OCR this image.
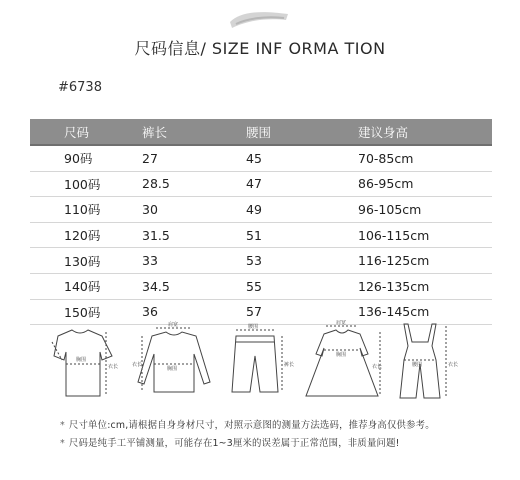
尺码信息/ SIZE INF ORMA TION
#6738
尺码	裤长	腰围	建议身高
90码	27	45	70-85cm
100码	28.5	47	86-95cm
110码	30	49	96-105cm
120码	31.5	51	106-115cm
130码	33	53	116-125cm
140码	34.5	55	126-135cm
150码	36	57	136-145cm
胸围
衣长
肩宽
胸围
衣长
腰围
裤长
肩宽
胸围
衣长	腰围	衣长
* 尺寸单位:cm,请根据自身身材尺寸，对照示意图的测量方法选码，推荐身高仅供参考。
* 尺码是纯手工平铺测量，可能存在1~3厘米的误差属于正常范围，非质量问题!
